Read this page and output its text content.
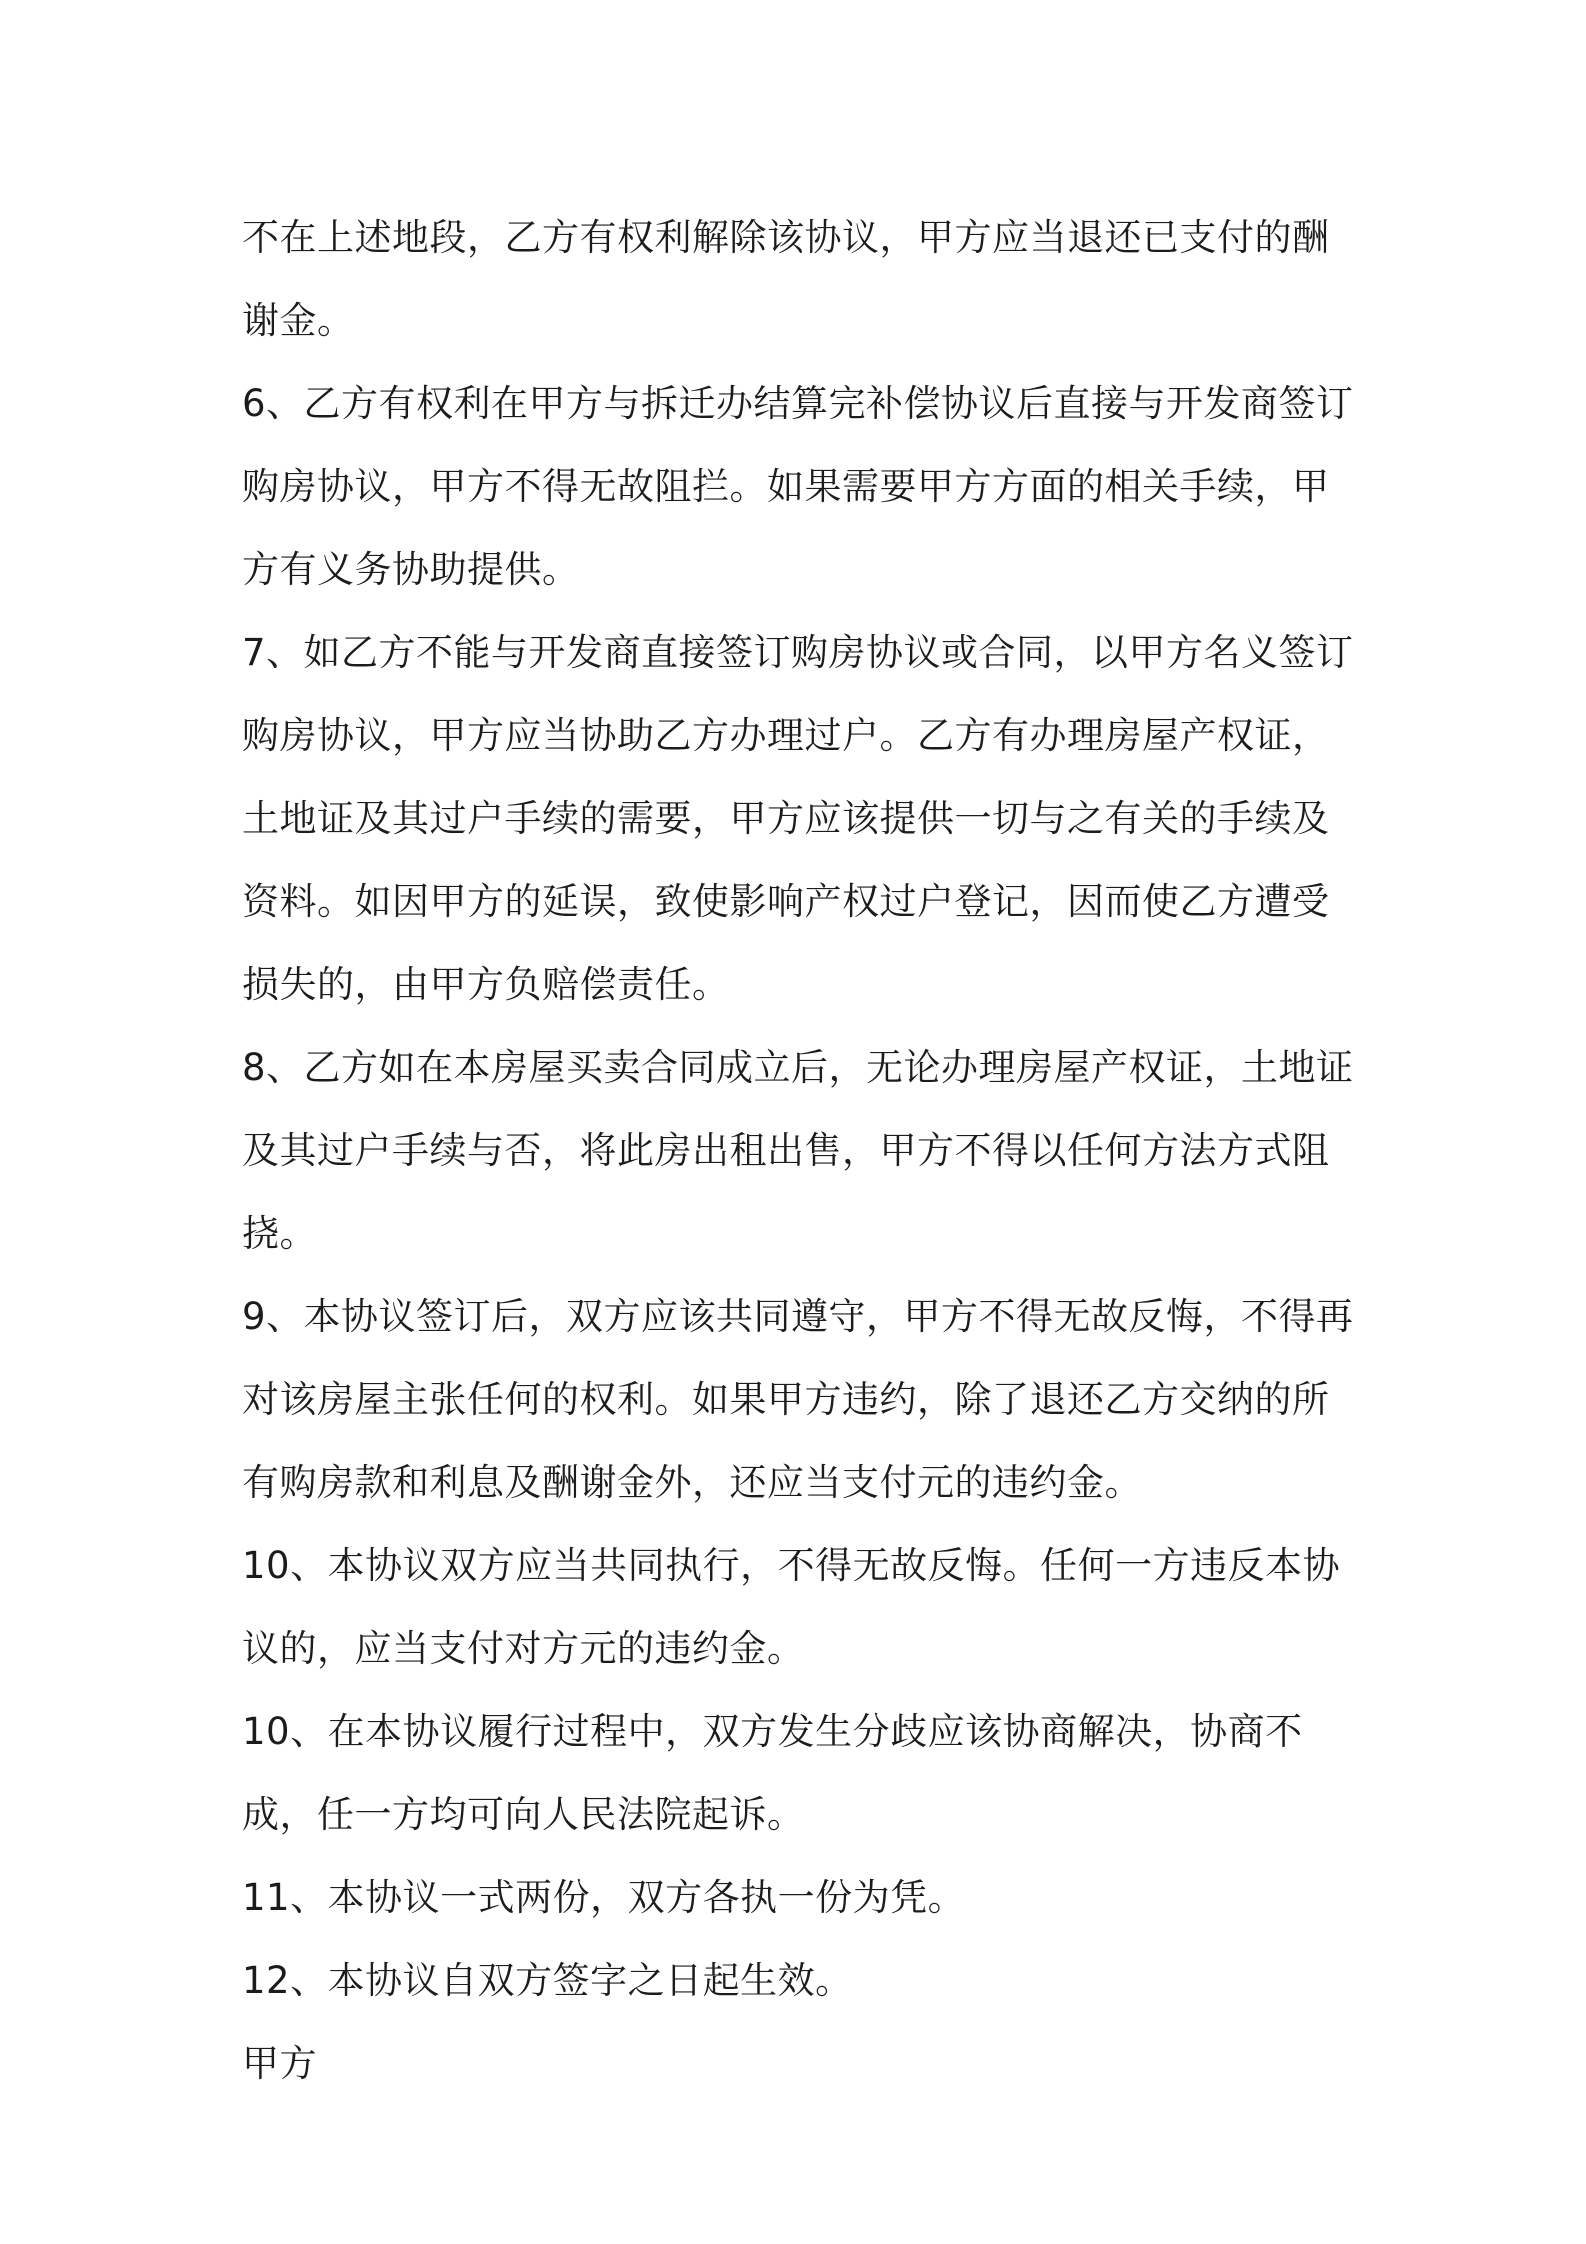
不在上述地段，乙方有权利解除该协议，甲方应当退还已支付的酬谢金。

6、乙方有权利在甲方与拆迁办结算完补偿协议后直接与开发商签订购房协议，甲方不得无故阻拦。如果需要甲方方面的相关手续，甲方有义务协助提供。

7、如乙方不能与开发商直接签订购房协议或合同，以甲方名义签订购房协议，甲方应当协助乙方办理过户。乙方有办理房屋产权证，土地证及其过户手续的需要，甲方应该提供一切与之有关的手续及资料。如因甲方的延误，致使影响产权过户登记，因而使乙方遭受损失的，由甲方负赔偿责任。

8、乙方如在本房屋买卖合同成立后，无论办理房屋产权证，土地证及其过户手续与否，将此房出租出售，甲方不得以任何方法方式阻挠。

9、本协议签订后，双方应该共同遵守，甲方不得无故反悔，不得再对该房屋主张任何的权利。如果甲方违约，除了退还乙方交纳的所有购房款和利息及酬谢金外，还应当支付元的违约金。

10、本协议双方应当共同执行，不得无故反悔。任何一方违反本协议的，应当支付对方元的违约金。

10、在本协议履行过程中，双方发生分歧应该协商解决，协商不成，任一方均可向人民法院起诉。

11、本协议一式两份，双方各执一份为凭。

12、本协议自双方签字之日起生效。

甲方
